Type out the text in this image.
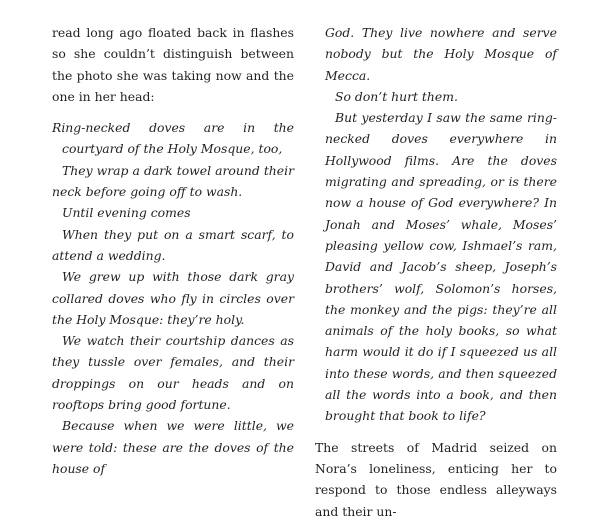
read long ago floated back in flashes so she couldn’t distinguish between the photo she was taking now and the one in her head:

Ring-necked doves are in the courtyard of the Holy Mosque, too,

They wrap a dark towel around their neck before going off to wash.

Until evening comes

When they put on a smart scarf, to attend a wedding.

We grew up with those dark gray collared doves who fly in circles over the Holy Mosque: they’re holy.

We watch their courtship dances as they tussle over females, and their droppings on our heads and on rooftops bring good fortune.

Because when we were little, we were told: these are the doves of the house of

God. They live nowhere and serve nobody but the Holy Mosque of Mecca.

So don’t hurt them.

But yesterday I saw the same ring-necked doves everywhere in Hollywood films. Are the doves migrating and spreading, or is there now a house of God everywhere? In Jonah and Moses’ whale, Moses’ pleasing yellow cow, Ishmael’s ram, David and Jacob’s sheep, Joseph’s brothers’ wolf, Solomon’s horses, the monkey and the pigs: they’re all animals of the holy books, so what harm would it do if I squeezed us all into these words, and then squeezed all the words into a book, and then brought that book to life?

The streets of Madrid seized on Nora’s loneliness, enticing her to respond to those endless alleyways and their un-
